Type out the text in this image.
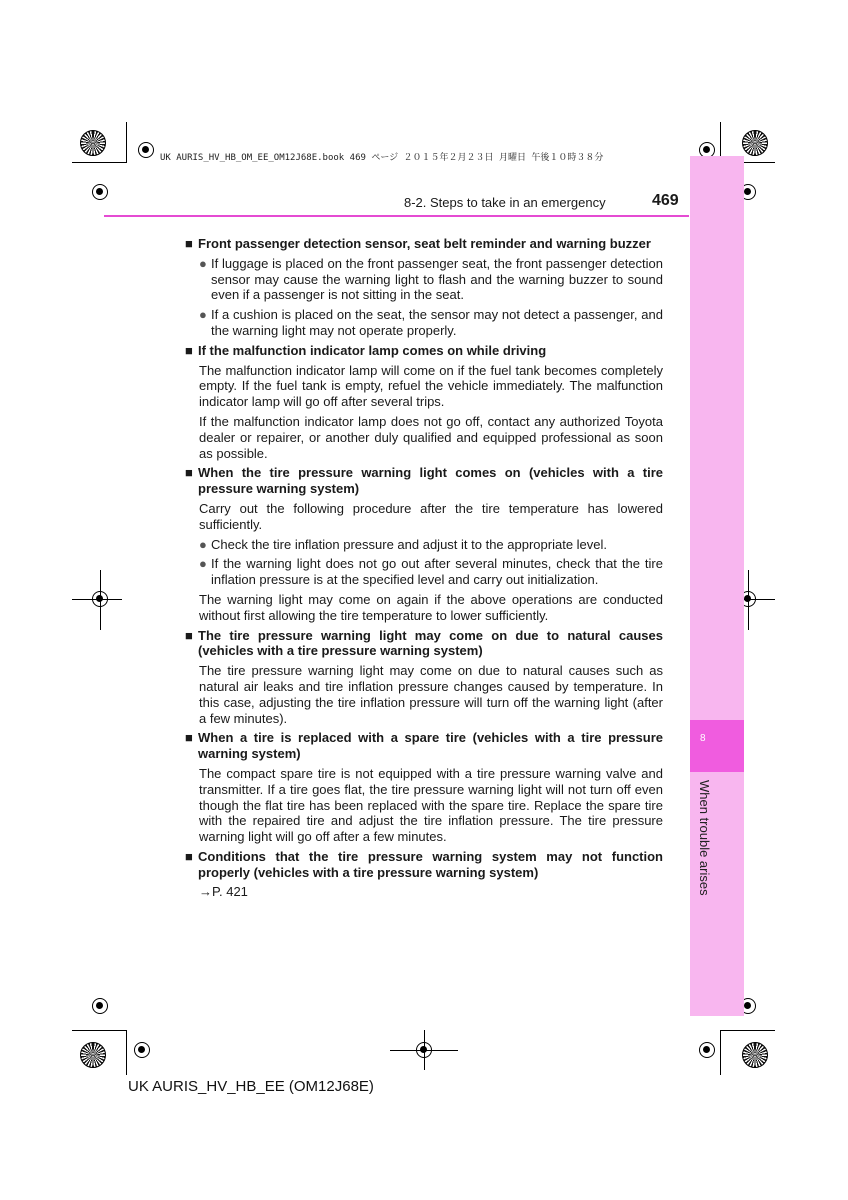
UK AURIS_HV_HB_OM_EE_OM12J68E.book 469 ページ ２０１５年２月２３日 月曜日 午後１０時３８分
8
When trouble arises
8-2. Steps to take in an emergency	469
■ Front passenger detection sensor, seat belt reminder and warning buzzer
● If luggage is placed on the front passenger seat, the front passenger detection sensor may cause the warning light to flash and the warning buzzer to sound even if a passenger is not sitting in the seat.
● If a cushion is placed on the seat, the sensor may not detect a passenger, and the warning light may not operate properly.
■ If the malfunction indicator lamp comes on while driving
The malfunction indicator lamp will come on if the fuel tank becomes completely empty. If the fuel tank is empty, refuel the vehicle immediately. The malfunction indicator lamp will go off after several trips.
If the malfunction indicator lamp does not go off, contact any authorized Toyota dealer or repairer, or another duly qualified and equipped professional as soon as possible.
■ When the tire pressure warning light comes on (vehicles with a tire pressure warning system)
Carry out the following procedure after the tire temperature has lowered sufficiently.
● Check the tire inflation pressure and adjust it to the appropriate level.
● If the warning light does not go out after several minutes, check that the tire inflation pressure is at the specified level and carry out initialization.
The warning light may come on again if the above operations are conducted without first allowing the tire temperature to lower sufficiently.
■ The tire pressure warning light may come on due to natural causes (vehicles with a tire pressure warning system)
The tire pressure warning light may come on due to natural causes such as natural air leaks and tire inflation pressure changes caused by temperature. In this case, adjusting the tire inflation pressure will turn off the warning light (after a few minutes).
■ When a tire is replaced with a spare tire (vehicles with a tire pressure warning system)
The compact spare tire is not equipped with a tire pressure warning valve and transmitter. If a tire goes flat, the tire pressure warning light will not turn off even though the flat tire has been replaced with the spare tire. Replace the spare tire with the repaired tire and adjust the tire inflation pressure. The tire pressure warning light will go off after a few minutes.
■ Conditions that the tire pressure warning system may not function properly (vehicles with a tire pressure warning system)
→P. 421
UK AURIS_HV_HB_EE (OM12J68E)
